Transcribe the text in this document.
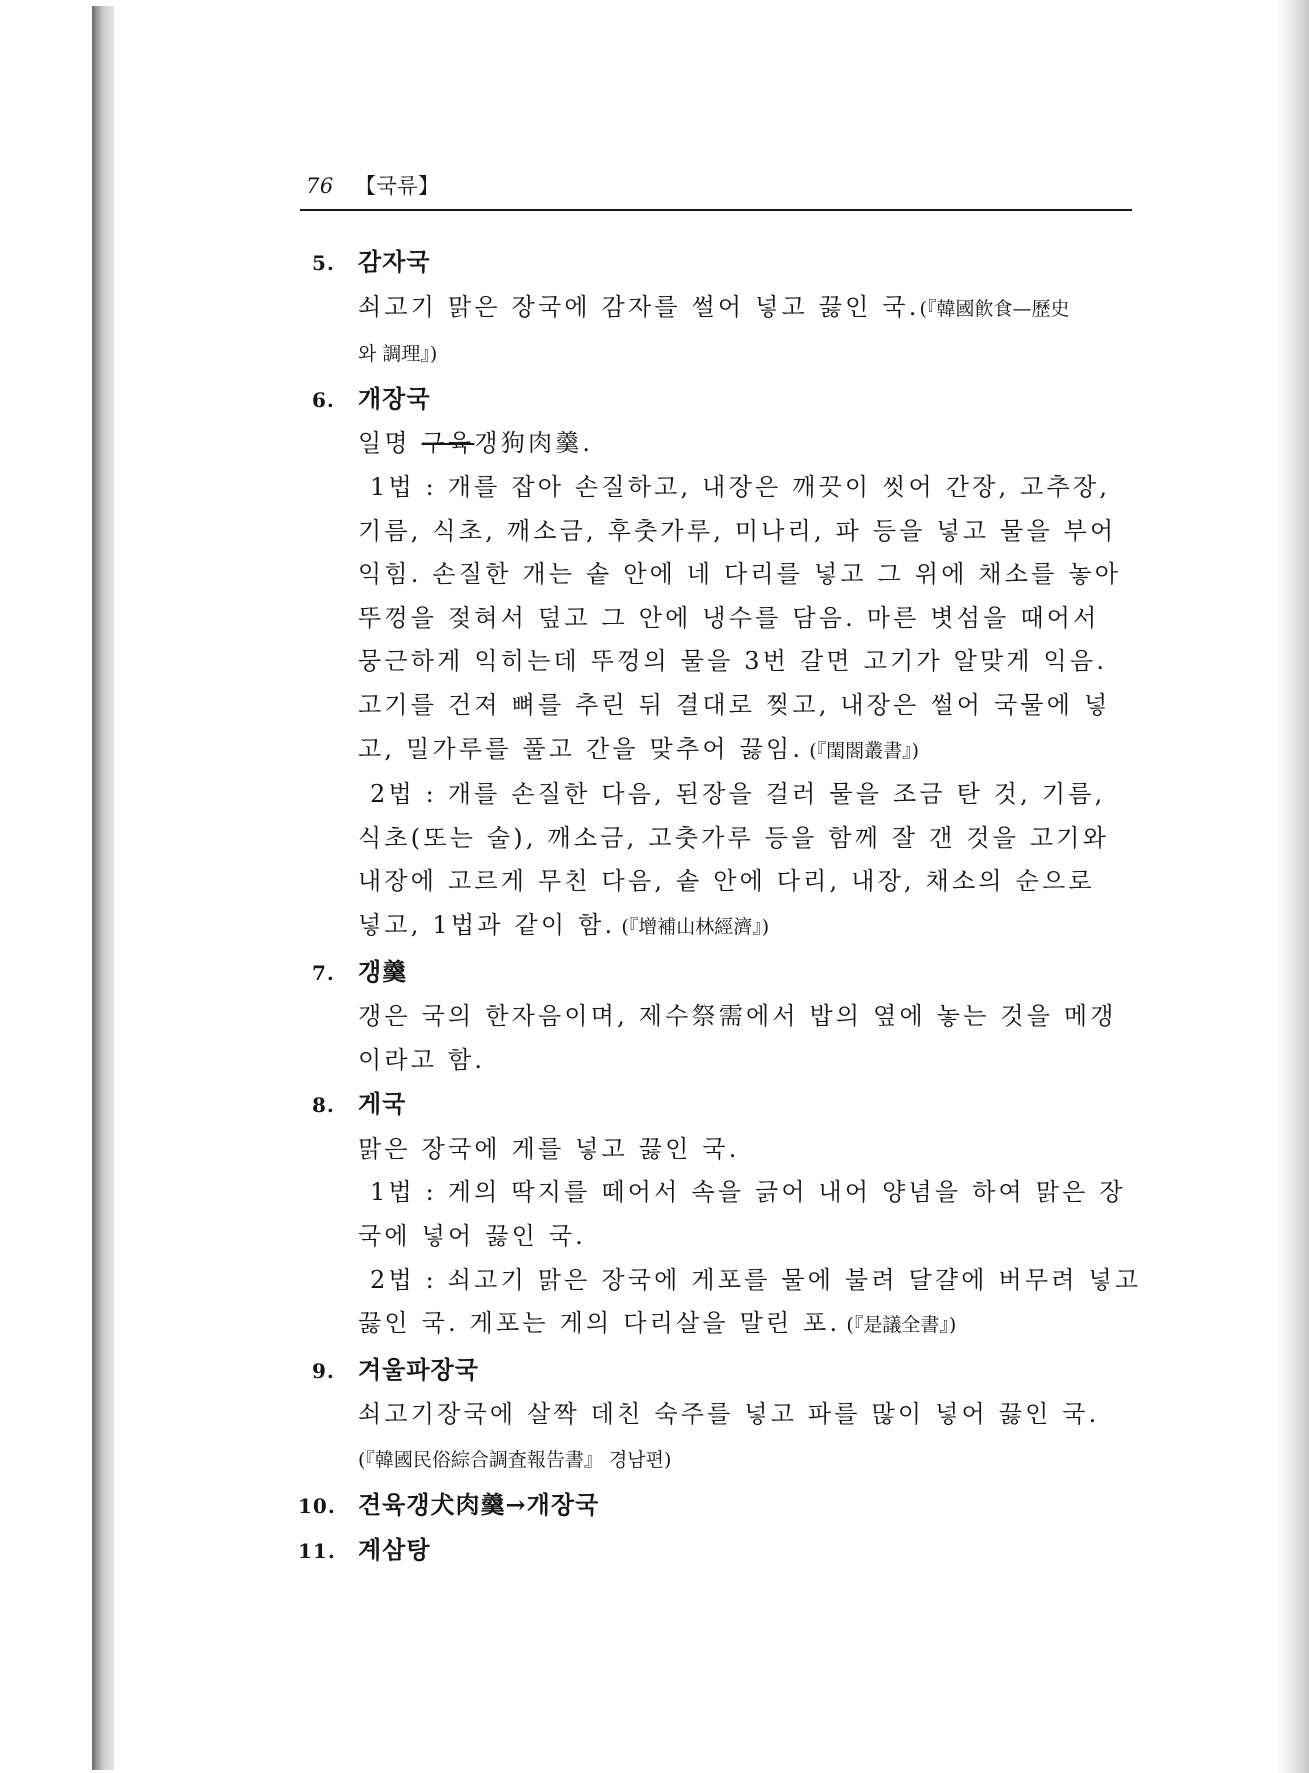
76 【국류】
5. 감자국
쇠고기 맑은 장국에 감자를 썰어 넣고 끓인 국.(『韓國飮食—歷史
와 調理』)
6. 개장국
일명 구육갱狗肉羹.
1법 : 개를 잡아 손질하고, 내장은 깨끗이 씻어 간장, 고추장,
기름, 식초, 깨소금, 후춧가루, 미나리, 파 등을 넣고 물을 부어
익힘. 손질한 개는 솥 안에 네 다리를 넣고 그 위에 채소를 놓아
뚜껑을 젖혀서 덮고 그 안에 냉수를 담음. 마른 볏섬을 때어서
뭉근하게 익히는데 뚜껑의 물을 3번 갈면 고기가 알맞게 익음.
고기를 건져 뼈를 추린 뒤 결대로 찢고, 내장은 썰어 국물에 넣
고, 밀가루를 풀고 간을 맞추어 끓임. (『閨閤叢書』)
2법 : 개를 손질한 다음, 된장을 걸러 물을 조금 탄 것, 기름,
식초(또는 술), 깨소금, 고춧가루 등을 함께 잘 갠 것을 고기와
내장에 고르게 무친 다음, 솥 안에 다리, 내장, 채소의 순으로
넣고, 1법과 같이 함. (『增補山林經濟』)
7. 갱羹
갱은 국의 한자음이며, 제수祭需에서 밥의 옆에 놓는 것을 메갱
이라고 함.
8. 게국
맑은 장국에 게를 넣고 끓인 국.
1법 : 게의 딱지를 떼어서 속을 긁어 내어 양념을 하여 맑은 장
국에 넣어 끓인 국.
2법 : 쇠고기 맑은 장국에 게포를 물에 불려 달걀에 버무려 넣고
끓인 국. 게포는 게의 다리살을 말린 포. (『是議全書』)
9. 겨울파장국
쇠고기장국에 살짝 데친 숙주를 넣고 파를 많이 넣어 끓인 국.
(『韓國民俗綜合調査報告書』 경남편)
10. 견육갱犬肉羹→개장국
11. 계삼탕
